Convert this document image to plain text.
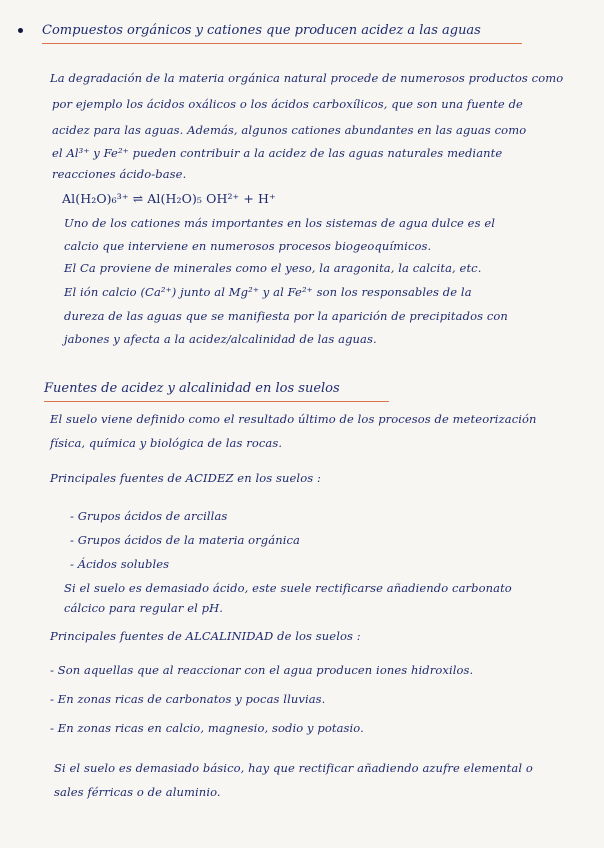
Compuestos orgánicos y cationes que producen acidez a las aguas
La degradación de la materia orgánica natural procede de numerosos productos como
por ejemplo los ácidos oxálicos o los ácidos carboxílicos, que son una fuente de
acidez para las aguas. Además, algunos cationes abundantes en las aguas como
el Al³⁺ y Fe²⁺ pueden contribuir a la acidez de las aguas naturales mediante
reacciones ácido-base.
Al(H₂O)₆³⁺ ⇌ Al(H₂O)₅ OH²⁺ + H⁺
Uno de los cationes más importantes en los sistemas de agua dulce es el
calcio que interviene en numerosos procesos biogeoquímicos.
El Ca proviene de minerales como el yeso, la aragonita, la calcita, etc.
El ión calcio (Ca²⁺) junto al Mg²⁺ y al Fe²⁺ son los responsables de la
dureza de las aguas que se manifiesta por la aparición de precipitados con
jabones y afecta a la acidez/alcalinidad de las aguas.
Fuentes de acidez y alcalinidad en los suelos
El suelo viene definido como el resultado último de los procesos de meteorización
física, química y biológica de las rocas.
Principales fuentes de ACIDEZ en los suelos :
- Grupos ácidos de arcillas
- Grupos ácidos de la materia orgánica
- Ácidos solubles
Si el suelo es demasiado ácido, este suele rectificarse añadiendo carbonato
cálcico para regular el pH.
Principales fuentes de ALCALINIDAD de los suelos :
- Son aquellas que al reaccionar con el agua producen iones hidroxilos.
- En zonas ricas de carbonatos y pocas lluvias.
- En zonas ricas en calcio, magnesio, sodio y potasio.
Si el suelo es demasiado básico, hay que rectificar añadiendo azufre elemental o
sales férricas o de aluminio.
